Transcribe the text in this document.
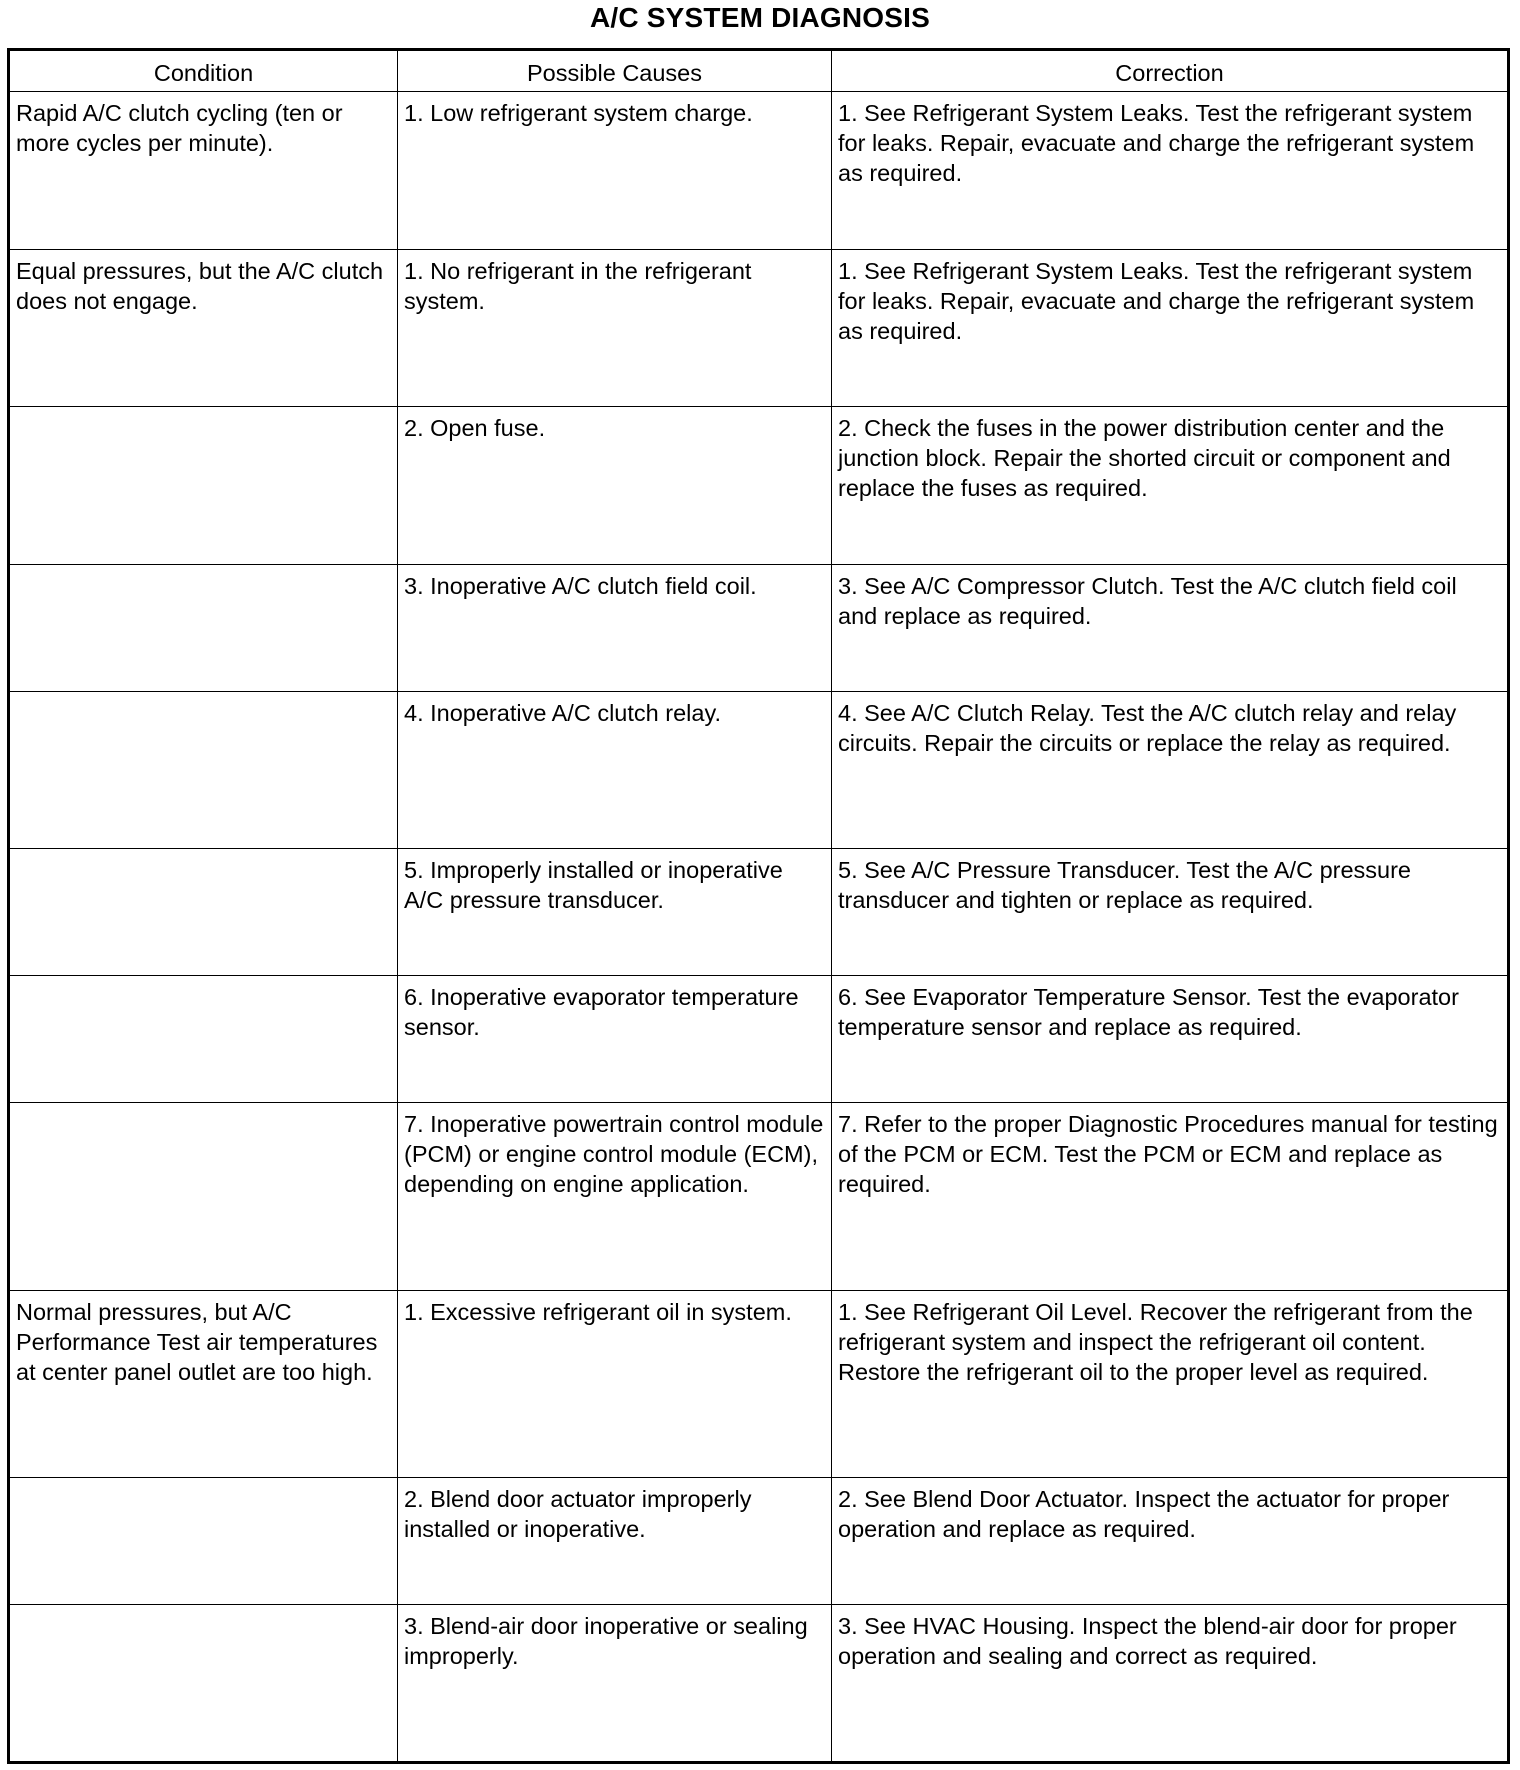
A/C SYSTEM DIAGNOSIS
Condition	Possible Causes	Correction
Rapid A/C clutch cycling (ten or more cycles per minute).	1. Low refrigerant system charge.	1. See Refrigerant System Leaks. Test the refrigerant system for leaks. Repair, evacuate and charge the refrigerant system as required.
Equal pressures, but the A/C clutch does not engage.	1. No refrigerant in the refrigerant system.	1. See Refrigerant System Leaks. Test the refrigerant system for leaks. Repair, evacuate and charge the refrigerant system as required.
	2. Open fuse.	2. Check the fuses in the power distribution center and the junction block. Repair the shorted circuit or component and replace the fuses as required.
	3. Inoperative A/C clutch field coil.	3. See A/C Compressor Clutch. Test the A/C clutch field coil and replace as required.
	4. Inoperative A/C clutch relay.	4. See A/C Clutch Relay. Test the A/C clutch relay and relay circuits. Repair the circuits or replace the relay as required.
	5. Improperly installed or inoperative A/C pressure transducer.	5. See A/C Pressure Transducer. Test the A/C pressure transducer and tighten or replace as required.
	6. Inoperative evaporator temperature sensor.	6. See Evaporator Temperature Sensor. Test the evaporator temperature sensor and replace as required.
	7. Inoperative powertrain control module (PCM) or engine control module (ECM), depending on engine application.	7. Refer to the proper Diagnostic Procedures manual for testing of the PCM or ECM. Test the PCM or ECM and replace as required.
Normal pressures, but A/C Performance Test air temperatures at center panel outlet are too high.	1. Excessive refrigerant oil in system.	1. See Refrigerant Oil Level. Recover the refrigerant from the refrigerant system and inspect the refrigerant oil content. Restore the refrigerant oil to the proper level as required.
	2. Blend door actuator improperly installed or inoperative.	2. See Blend Door Actuator. Inspect the actuator for proper operation and replace as required.
	3. Blend-air door inoperative or sealing improperly.	3. See HVAC Housing. Inspect the blend-air door for proper operation and sealing and correct as required.
